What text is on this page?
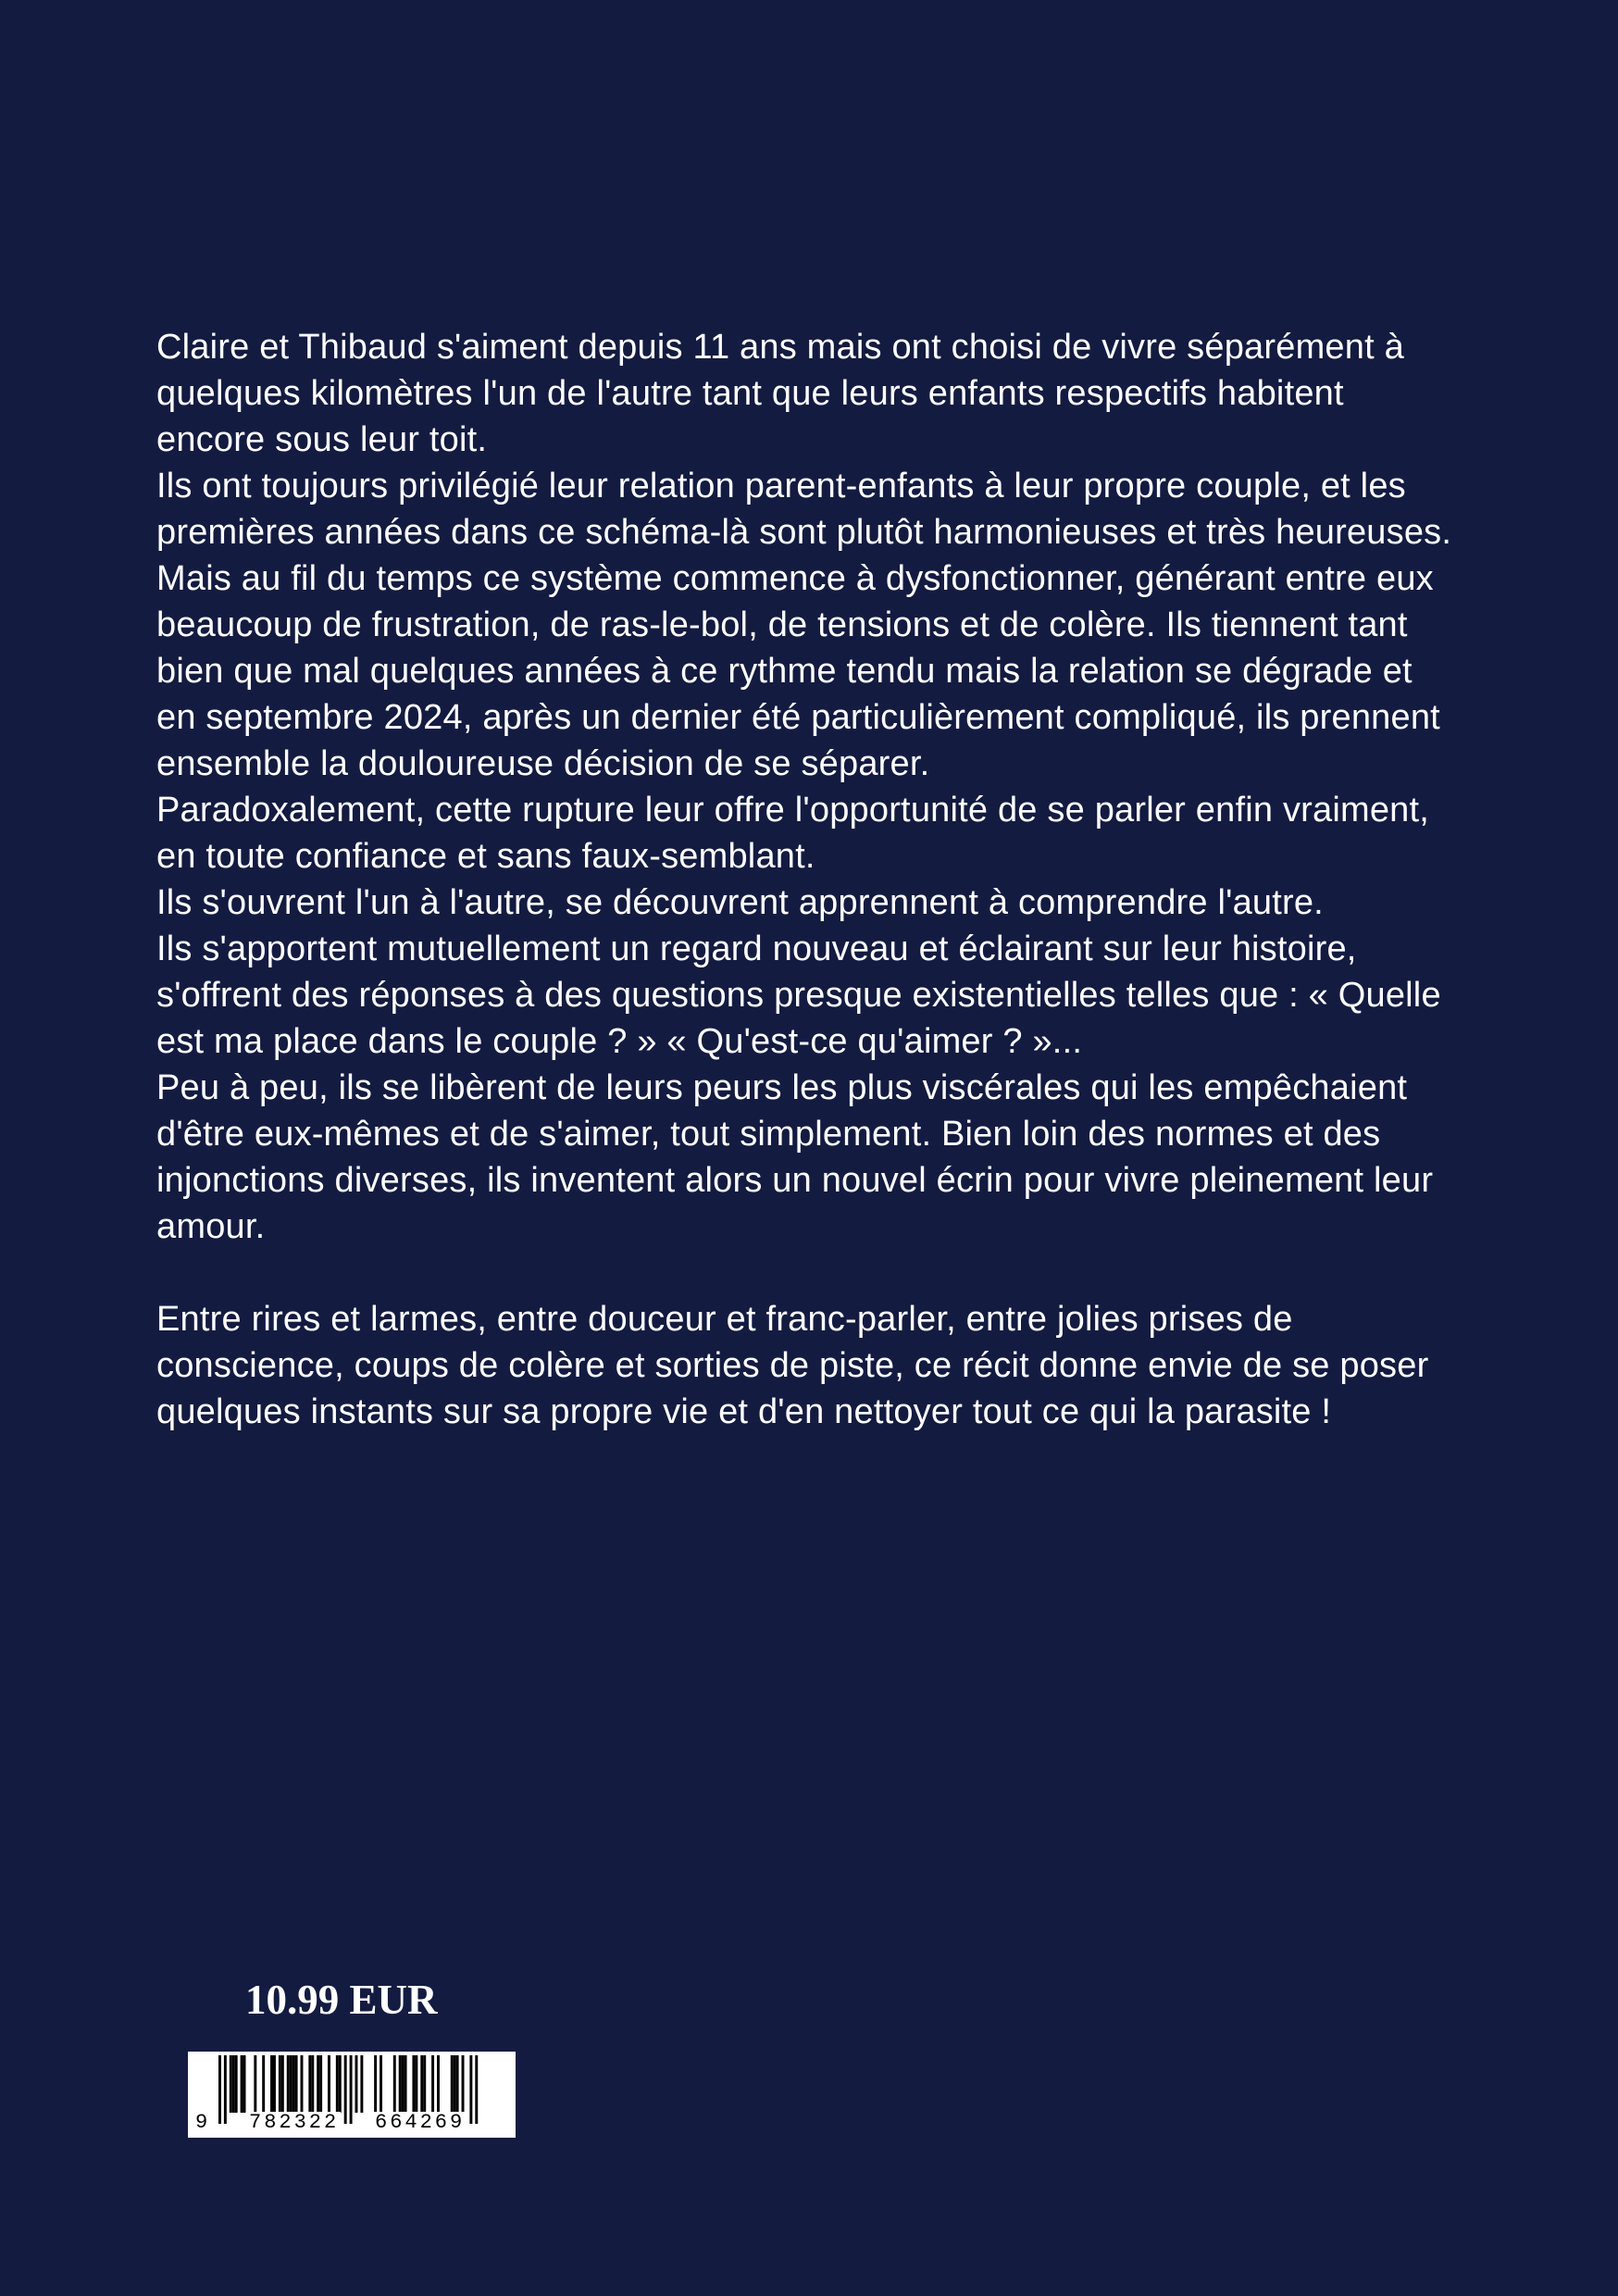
Claire et Thibaud s'aiment depuis 11 ans mais ont choisi de vivre séparément à quelques kilomètres l'un de l'autre tant que leurs enfants respectifs habitent encore sous leur toit.

Ils ont toujours privilégié leur relation parent-enfants à leur propre couple, et les premières années dans ce schéma-là sont plutôt harmonieuses et très heureuses.

Mais au fil du temps ce système commence à dysfonctionner, générant entre eux beaucoup de frustration, de ras-le-bol, de tensions et de colère. Ils tiennent tant bien que mal quelques années à ce rythme tendu mais la relation se dégrade et en septembre 2024, après un dernier été particulièrement compliqué, ils prennent ensemble la douloureuse décision de se séparer.

Paradoxalement, cette rupture leur offre l'opportunité de se parler enfin vraiment, en toute confiance et sans faux-semblant.

Ils s'ouvrent l'un à l'autre, se découvrent apprennent à comprendre l'autre.

Ils s'apportent mutuellement un regard nouveau et éclairant sur leur histoire, s'offrent des réponses à des questions presque existentielles telles que : « Quelle est ma place dans le couple ? » « Qu'est-ce qu'aimer ? »...

Peu à peu, ils se libèrent de leurs peurs les plus viscérales qui les empêchaient d'être eux-mêmes et de s'aimer, tout simplement. Bien loin des normes et des injonctions diverses, ils inventent alors un nouvel écrin pour vivre pleinement leur amour.

Entre rires et larmes, entre douceur et franc-parler, entre jolies prises de conscience, coups de colère et sorties de piste, ce récit donne envie de se poser quelques instants sur sa propre vie et d'en nettoyer tout ce qui la parasite !

10.99 EUR
9 782322 664269
